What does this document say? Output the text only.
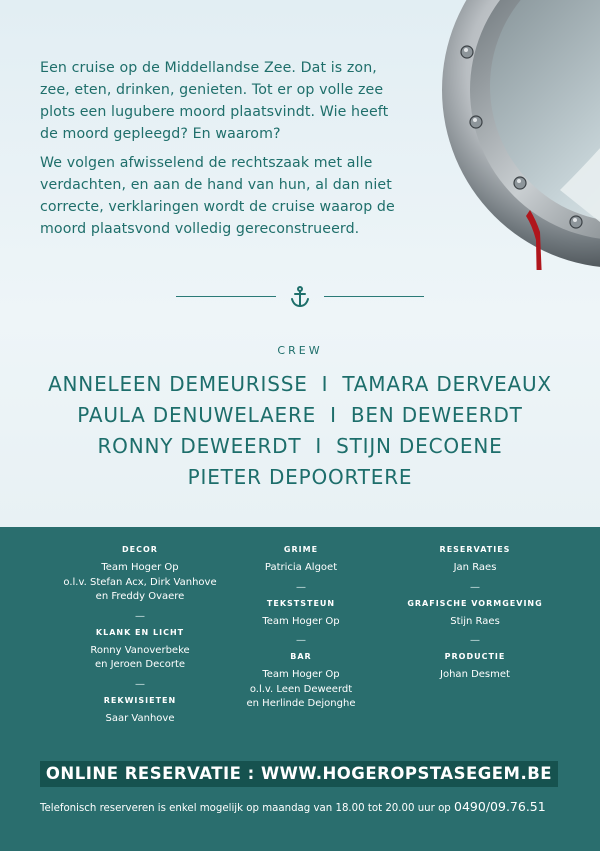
Een cruise op de Middellandse Zee. Dat is zon, zee, eten, drinken, genieten. Tot er op volle zee plots een lugubere moord plaatsvindt. Wie heeft de moord gepleegd? En waarom?

We volgen afwisselend de rechtszaak met alle verdachten, en aan de hand van hun, al dan niet correcte, verklaringen wordt de cruise waarop de moord plaatsvond volledig gereconstrueerd.

CREW
ANNELEEN DEMEURISSE I TAMARA DERVEAUX
PAULA DENUWELAERE I BEN DEWEERDT
RONNY DEWEERDT I STIJN DECOENE
PIETER DEPOORTERE
DECOR
Team Hoger Op
o.l.v. Stefan Acx, Dirk Vanhove
en Freddy Ovaere
—
KLANK EN LICHT
Ronny Vanoverbeke
en Jeroen Decorte
—
REKWISIETEN
Saar Vanhove
GRIME
Patricia Algoet
—
TEKSTSTEUN
Team Hoger Op
—
BAR
Team Hoger Op
o.l.v. Leen Deweerdt
en Herlinde Dejonghe
RESERVATIES
Jan Raes
—
GRAFISCHE VORMGEVING
Stijn Raes
—
PRODUCTIE
Johan Desmet
ONLINE RESERVATIE : WWW.HOGEROPSTASEGEM.BE
Telefonisch reserveren is enkel mogelijk op maandag van 18.00 tot 20.00 uur op 0490/09.76.51
